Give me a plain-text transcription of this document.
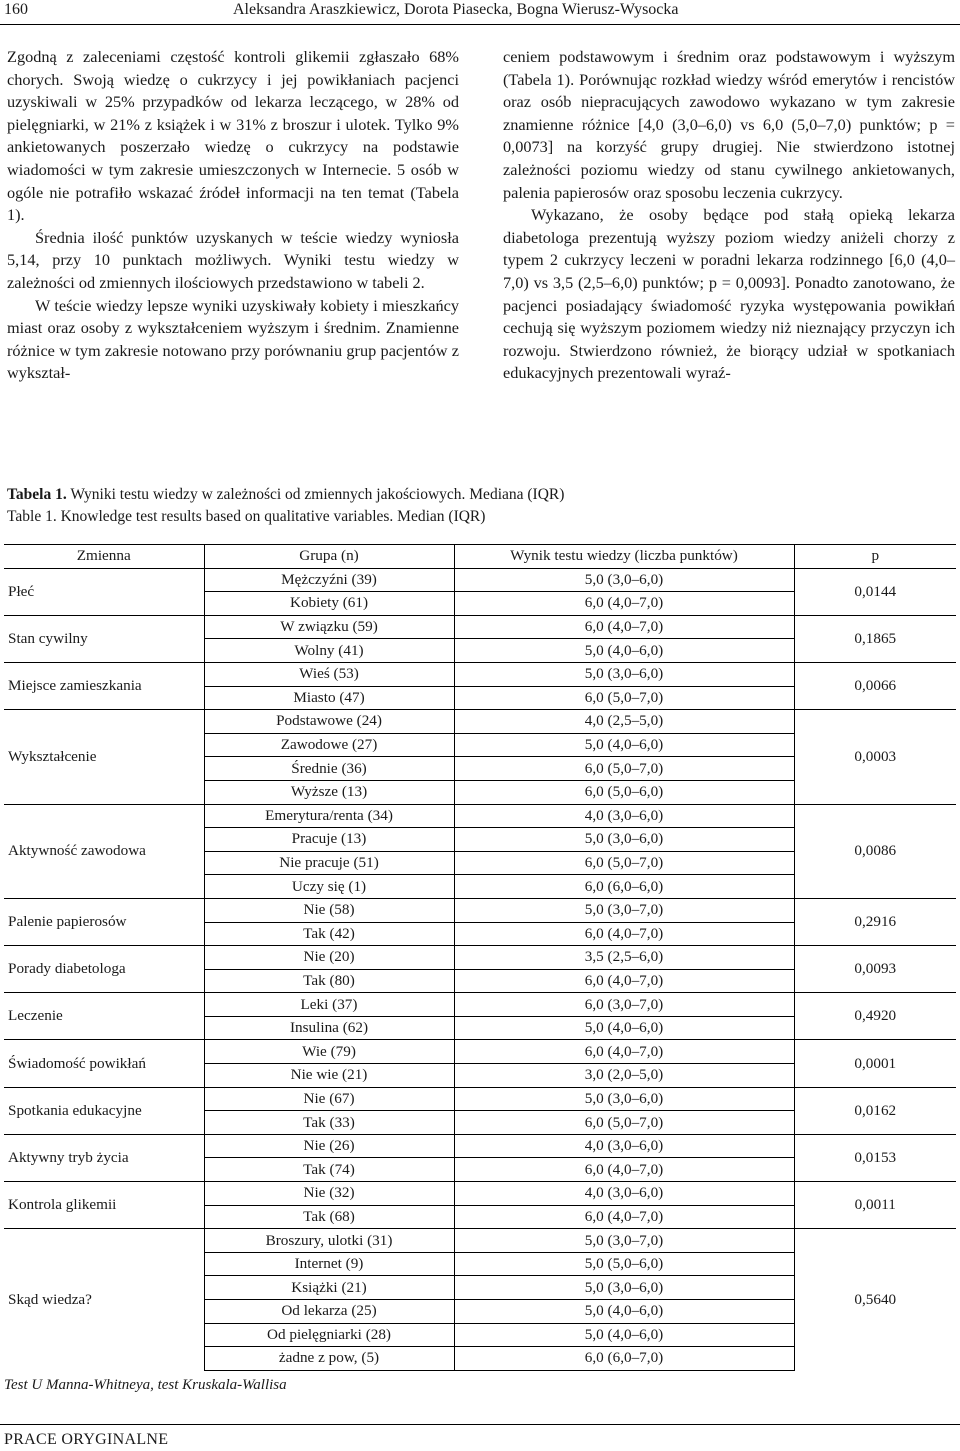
160	Aleksandra Araszkiewicz, Dorota Piasecka, Bogna Wierusz-Wysocka

Zgodną z zaleceniami częstość kontroli glikemii zgłaszało 68% chorych. Swoją wiedzę o cukrzycy i jej powikłaniach pacjenci uzyskiwali w 25% przypadków od lekarza leczącego, w 28% od pielęgniarki, w 21% z książek i w 31% z broszur i ulotek. Tylko 9% ankietowanych poszerzało wiedzę o cukrzycy na podstawie wiadomości w tym zakresie umieszczonych w Internecie. 5 osób w ogóle nie potrafiło wskazać źródeł informacji na ten temat (Tabela 1).

Średnia ilość punktów uzyskanych w teście wiedzy wyniosła 5,14, przy 10 punktach możliwych. Wyniki testu wiedzy w zależności od zmiennych ilościowych przedstawiono w tabeli 2.

W teście wiedzy lepsze wyniki uzyskiwały kobiety i mieszkańcy miast oraz osoby z wykształceniem wyższym i średnim. Znamienne różnice w tym zakresie notowano przy porównaniu grup pacjentów z wykształ-

ceniem podstawowym i średnim oraz podstawowym i wyższym (Tabela 1). Porównując rozkład wiedzy wśród emerytów i rencistów oraz osób niepracujących zawodowo wykazano w tym zakresie znamienne różnice [4,0 (3,0–6,0) vs 6,0 (5,0–7,0) punktów; p = 0,0073] na korzyść grupy drugiej. Nie stwierdzono istotnej zależności poziomu wiedzy od stanu cywilnego ankietowanych, palenia papierosów oraz sposobu leczenia cukrzycy.

Wykazano, że osoby będące pod stałą opieką lekarza diabetologa prezentują wyższy poziom wiedzy aniżeli chorzy z typem 2 cukrzycy leczeni w poradni lekarza rodzinnego [6,0 (4,0–7,0) vs 3,5 (2,5–6,0) punktów; p = 0,0093]. Ponadto zanotowano, że pacjenci posiadający świadomość ryzyka występowania powikłań cechują się wyższym poziomem wiedzy niż nieznający przyczyn ich rozwoju. Stwierdzono również, że biorący udział w spotkaniach edukacyjnych prezentowali wyraź-

Tabela 1. Wyniki testu wiedzy w zależności od zmiennych jakościowych. Mediana (IQR)
Table 1. Knowledge test results based on qualitative variables. Median (IQR)
Zmienna	Grupa (n)	Wynik testu wiedzy (liczba punktów)	p
Płeć	Mężczyźni (39)	5,0 (3,0–6,0)	0,0144
	Kobiety (61)	6,0 (4,0–7,0)	
Stan cywilny	W związku (59)	6,0 (4,0–7,0)	0,1865
	Wolny (41)	5,0 (4,0–6,0)	
Miejsce zamieszkania	Wieś (53)	5,0 (3,0–6,0)	0,0066
	Miasto (47)	6,0 (5,0–7,0)	
Wykształcenie	Podstawowe (24)	4,0 (2,5–5,0)	0,0003
	Zawodowe (27)	5,0 (4,0–6,0)	
	Średnie (36)	6,0 (5,0–7,0)	
	Wyższe (13)	6,0 (5,0–6,0)	
Aktywność zawodowa	Emerytura/renta (34)	4,0 (3,0–6,0)	0,0086
	Pracuje (13)	5,0 (3,0–6,0)	
	Nie pracuje (51)	6,0 (5,0–7,0)	
	Uczy się (1)	6,0 (6,0–6,0)	
Palenie papierosów	Nie (58)	5,0 (3,0–7,0)	0,2916
	Tak (42)	6,0 (4,0–7,0)	
Porady diabetologa	Nie (20)	3,5 (2,5–6,0)	0,0093
	Tak (80)	6,0 (4,0–7,0)	
Leczenie	Leki (37)	6,0 (3,0–7,0)	0,4920
	Insulina (62)	5,0 (4,0–6,0)	
Świadomość powikłań	Wie (79)	6,0 (4,0–7,0)	0,0001
	Nie wie (21)	3,0 (2,0–5,0)	
Spotkania edukacyjne	Nie (67)	5,0 (3,0–6,0)	0,0162
	Tak (33)	6,0 (5,0–7,0)	
Aktywny tryb życia	Nie (26)	4,0 (3,0–6,0)	0,0153
	Tak (74)	6,0 (4,0–7,0)	
Kontrola glikemii	Nie (32)	4,0 (3,0–6,0)	0,0011
	Tak (68)	6,0 (4,0–7,0)	
Skąd wiedza?	Broszury, ulotki (31)	5,0 (3,0–7,0)	0,5640
	Internet (9)	5,0 (5,0–6,0)	
	Książki (21)	5,0 (3,0–6,0)	
	Od lekarza (25)	5,0 (4,0–6,0)	
	Od pielęgniarki (28)	5,0 (4,0–6,0)	
	żadne z pow, (5)	6,0 (6,0–7,0)	
Test U Manna-Whitneya, test Kruskala-Wallisa
PRACE ORYGINALNE
